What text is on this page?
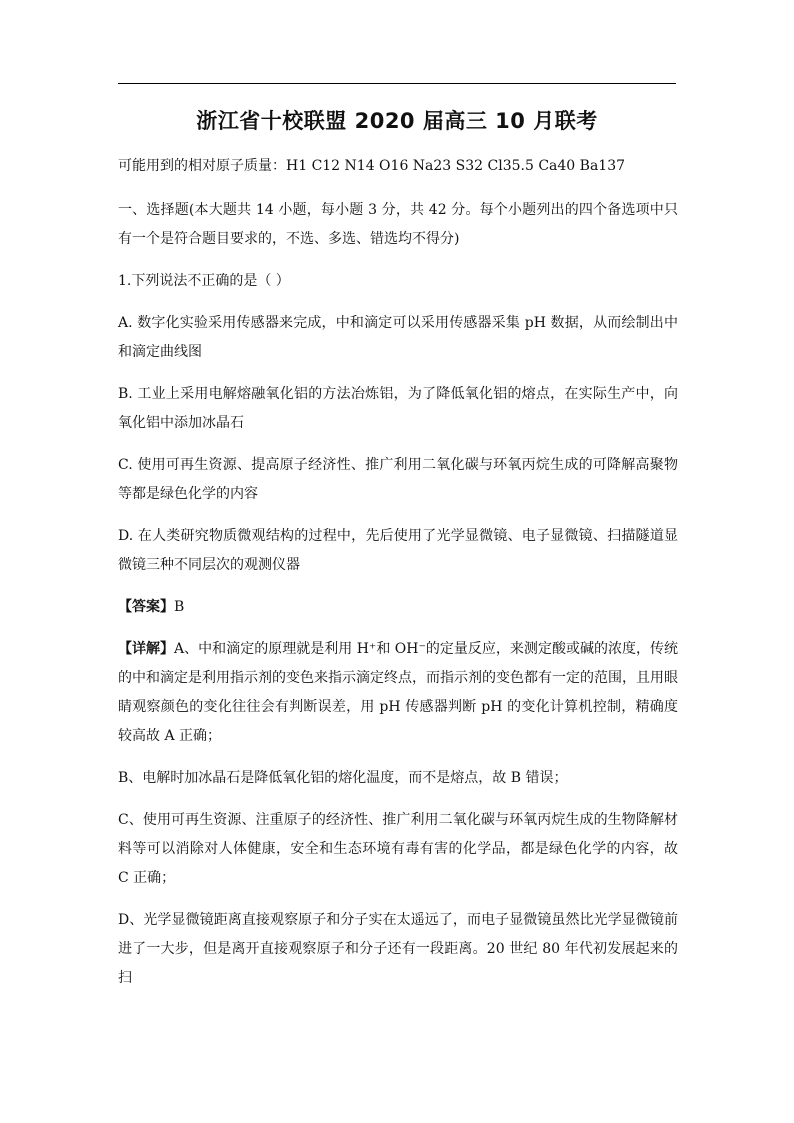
浙江省十校联盟 2020 届高三 10 月联考

可能用到的相对原子质量：H1 C12 N14 O16 Na23 S32 Cl35.5 Ca40 Ba137

一、选择题(本大题共 14 小题，每小题 3 分，共 42 分。每个小题列出的四个备选项中只有一个是符合题目要求的，不选、多选、错选均不得分)

1.下列说法不正确的是（ ）

A. 数字化实验采用传感器来完成，中和滴定可以采用传感器采集 pH 数据，从而绘制出中和滴定曲线图

B. 工业上采用电解熔融氧化铝的方法冶炼铝，为了降低氧化铝的熔点，在实际生产中，向氧化铝中添加冰晶石

C. 使用可再生资源、提高原子经济性、推广利用二氧化碳与环氧丙烷生成的可降解高聚物等都是绿色化学的内容

D. 在人类研究物质微观结构的过程中，先后使用了光学显微镜、电子显微镜、扫描隧道显微镜三种不同层次的观测仪器

【答案】B

【详解】A、中和滴定的原理就是利用 H⁺和 OH⁻的定量反应，来测定酸或碱的浓度，传统的中和滴定是利用指示剂的变色来指示滴定终点，而指示剂的变色都有一定的范围，且用眼睛观察颜色的变化往往会有判断误差，用 pH 传感器判断 pH 的变化计算机控制，精确度较高故 A 正确；

B、电解时加冰晶石是降低氧化铝的熔化温度，而不是熔点，故 B 错误；

C、使用可再生资源、注重原子的经济性、推广利用二氧化碳与环氧丙烷生成的生物降解材料等可以消除对人体健康，安全和生态环境有毒有害的化学品，都是绿色化学的内容，故 C 正确；

D、光学显微镜距离直接观察原子和分子实在太遥远了，而电子显微镜虽然比光学显微镜前进了一大步，但是离开直接观察原子和分子还有一段距离。20 世纪 80 年代初发展起来的扫
